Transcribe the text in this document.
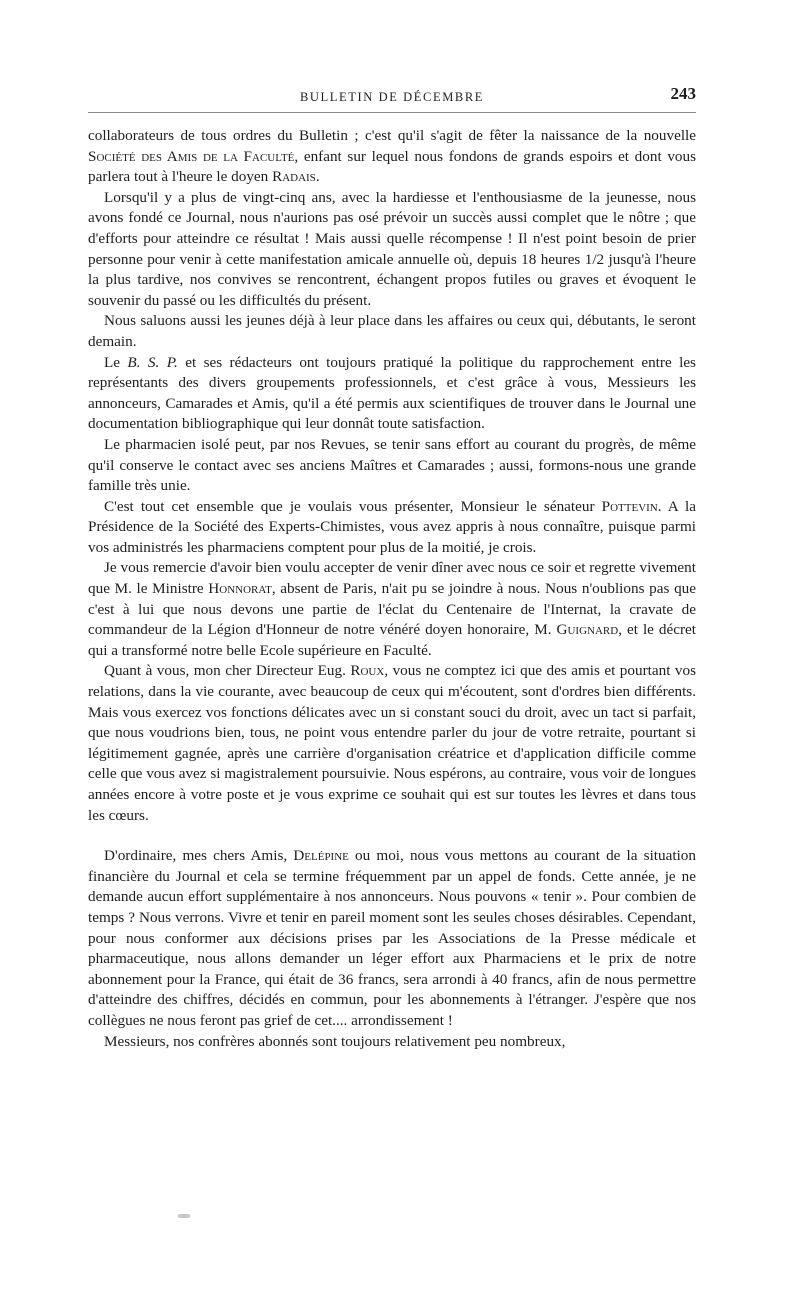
BULLETIN DE DÉCEMBRE	243

collaborateurs de tous ordres du Bulletin ; c'est qu'il s'agit de fêter la naissance de la nouvelle Société des Amis de la Faculté, enfant sur lequel nous fondons de grands espoirs et dont vous parlera tout à l'heure le doyen Radais.

Lorsqu'il y a plus de vingt-cinq ans, avec la hardiesse et l'enthousiasme de la jeunesse, nous avons fondé ce Journal, nous n'aurions pas osé prévoir un succès aussi complet que le nôtre ; que d'efforts pour atteindre ce résultat ! Mais aussi quelle récompense ! Il n'est point besoin de prier personne pour venir à cette manifestation amicale annuelle où, depuis 18 heures 1/2 jusqu'à l'heure la plus tardive, nos convives se rencontrent, échangent propos futiles ou graves et évoquent le souvenir du passé ou les difficultés du présent.

Nous saluons aussi les jeunes déjà à leur place dans les affaires ou ceux qui, débutants, le seront demain.

Le B. S. P. et ses rédacteurs ont toujours pratiqué la politique du rapprochement entre les représentants des divers groupements professionnels, et c'est grâce à vous, Messieurs les annonceurs, Camarades et Amis, qu'il a été permis aux scientifiques de trouver dans le Journal une documentation bibliographique qui leur donnât toute satisfaction.

Le pharmacien isolé peut, par nos Revues, se tenir sans effort au courant du progrès, de même qu'il conserve le contact avec ses anciens Maîtres et Camarades ; aussi, formons-nous une grande famille très unie.

C'est tout cet ensemble que je voulais vous présenter, Monsieur le sénateur Pottevin. A la Présidence de la Société des Experts-Chimistes, vous avez appris à nous connaître, puisque parmi vos administrés les pharmaciens comptent pour plus de la moitié, je crois.

Je vous remercie d'avoir bien voulu accepter de venir dîner avec nous ce soir et regrette vivement que M. le Ministre Honnorat, absent de Paris, n'ait pu se joindre à nous. Nous n'oublions pas que c'est à lui que nous devons une partie de l'éclat du Centenaire de l'Internat, la cravate de commandeur de la Légion d'Honneur de notre vénéré doyen honoraire, M. Guignard, et le décret qui a transformé notre belle Ecole supérieure en Faculté.

Quant à vous, mon cher Directeur Eug. Roux, vous ne comptez ici que des amis et pourtant vos relations, dans la vie courante, avec beaucoup de ceux qui m'écoutent, sont d'ordres bien différents. Mais vous exercez vos fonctions délicates avec un si constant souci du droit, avec un tact si parfait, que nous voudrions bien, tous, ne point vous entendre parler du jour de votre retraite, pourtant si légitimement gagnée, après une carrière d'organisation créatrice et d'application difficile comme celle que vous avez si magistralement poursuivie. Nous espérons, au contraire, vous voir de longues années encore à votre poste et je vous exprime ce souhait qui est sur toutes les lèvres et dans tous les cœurs.

D'ordinaire, mes chers Amis, Delépine ou moi, nous vous mettons au courant de la situation financière du Journal et cela se termine fréquemment par un appel de fonds. Cette année, je ne demande aucun effort supplémentaire à nos annonceurs. Nous pouvons « tenir ». Pour combien de temps ? Nous verrons. Vivre et tenir en pareil moment sont les seules choses désirables. Cependant, pour nous conformer aux décisions prises par les Associations de la Presse médicale et pharmaceutique, nous allons demander un léger effort aux Pharmaciens et le prix de notre abonnement pour la France, qui était de 36 francs, sera arrondi à 40 francs, afin de nous permettre d'atteindre des chiffres, décidés en commun, pour les abonnements à l'étranger. J'espère que nos collègues ne nous feront pas grief de cet.... arrondissement !

Messieurs, nos confrères abonnés sont toujours relativement peu nombreux,
